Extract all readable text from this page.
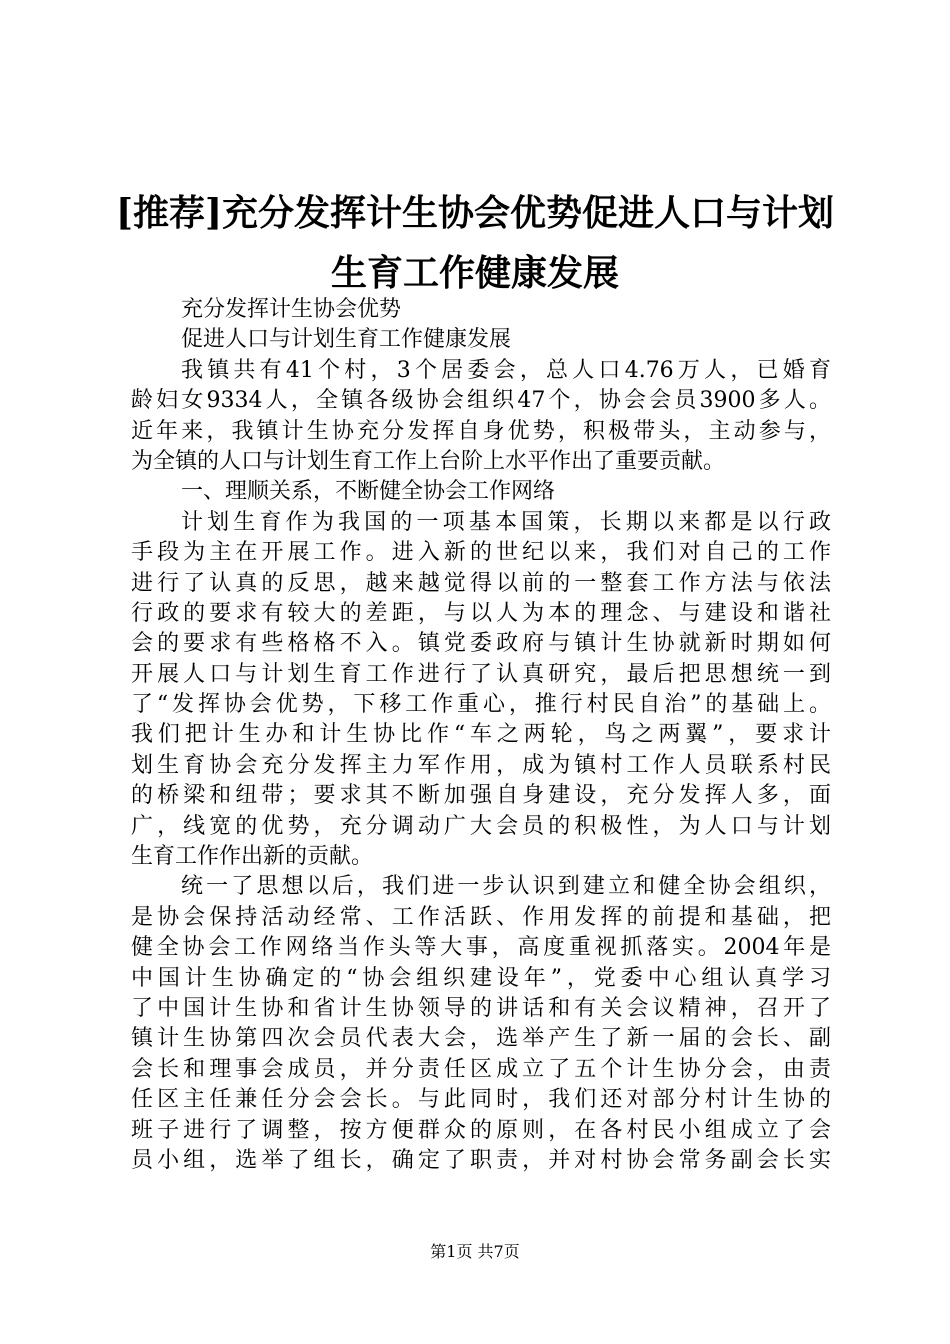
[推荐]充分发挥计生协会优势促进人口与计划
生育工作健康发展
充分发挥计生协会优势
促进人口与计划生育工作健康发展
我镇共有41个村，3个居委会，总人口4.76万人，已婚育
龄妇女9334人，全镇各级协会组织47个，协会会员3900多人。
近年来，我镇计生协充分发挥自身优势，积极带头，主动参与，
为全镇的人口与计划生育工作上台阶上水平作出了重要贡献。
一、理顺关系，不断健全协会工作网络
计划生育作为我国的一项基本国策，长期以来都是以行政
手段为主在开展工作。进入新的世纪以来，我们对自己的工作
进行了认真的反思，越来越觉得以前的一整套工作方法与依法
行政的要求有较大的差距，与以人为本的理念、与建设和谐社
会的要求有些格格不入。镇党委政府与镇计生协就新时期如何
开展人口与计划生育工作进行了认真研究，最后把思想统一到
了“发挥协会优势，下移工作重心，推行村民自治”的基础上。
我们把计生办和计生协比作“车之两轮，鸟之两翼”，要求计
划生育协会充分发挥主力军作用，成为镇村工作人员联系村民
的桥梁和纽带；要求其不断加强自身建设，充分发挥人多，面
广，线宽的优势，充分调动广大会员的积极性，为人口与计划
生育工作作出新的贡献。
统一了思想以后，我们进一步认识到建立和健全协会组织，
是协会保持活动经常、工作活跃、作用发挥的前提和基础，把
健全协会工作网络当作头等大事，高度重视抓落实。2004年是
中国计生协确定的“协会组织建设年”，党委中心组认真学习
了中国计生协和省计生协领导的讲话和有关会议精神，召开了
镇计生协第四次会员代表大会，选举产生了新一届的会长、副
会长和理事会成员，并分责任区成立了五个计生协分会，由责
任区主任兼任分会会长。与此同时，我们还对部分村计生协的
班子进行了调整，按方便群众的原则，在各村民小组成立了会
员小组，选举了组长，确定了职责，并对村协会常务副会长实
第1页 共7页
